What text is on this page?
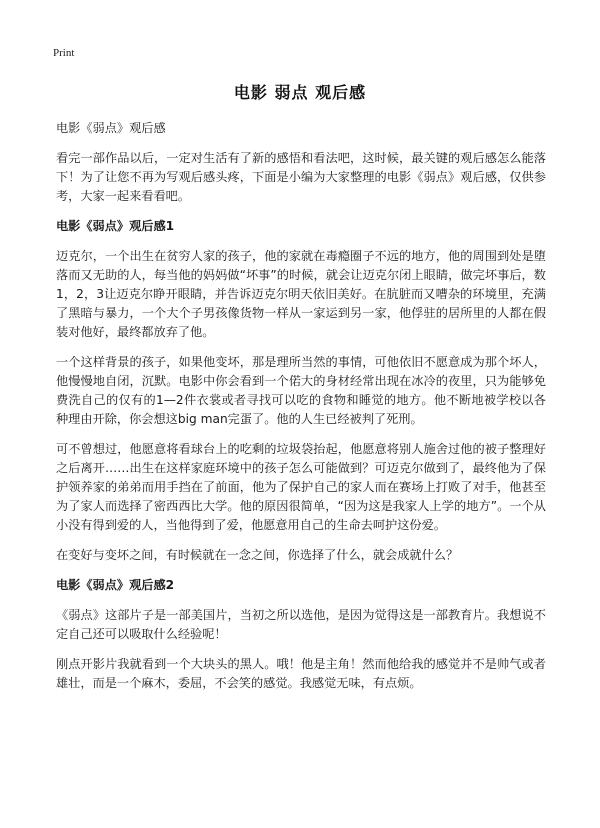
Print
电影 弱点 观后感

电影《弱点》观后感

看完一部作品以后，一定对生活有了新的感悟和看法吧，这时候，最关键的观后感怎么能落下！为了让您不再为写观后感头疼，下面是小编为大家整理的电影《弱点》观后感，仅供参考，大家一起来看看吧。

电影《弱点》观后感1

迈克尔，一个出生在贫穷人家的孩子，他的家就在毒瘾圈子不远的地方，他的周围到处是堕落而又无助的人，每当他的妈妈做“坏事”的时候，就会让迈克尔闭上眼睛，做完坏事后，数1，2，3让迈克尔睁开眼睛，并告诉迈克尔明天依旧美好。在肮脏而又嘈杂的环境里，充满了黑暗与暴力，一个大个子男孩像货物一样从一家运到另一家，他俘驻的居所里的人都在假装对他好，最终都放弃了他。

一个这样背景的孩子，如果他变坏，那是理所当然的事情，可他依旧不愿意成为那个坏人，他慢慢地自闭，沉默。电影中你会看到一个偌大的身材经常出现在冰冷的夜里，只为能够免费洗自己的仅有的1—2件衣裳或者寻找可以吃的食物和睡觉的地方。他不断地被学校以各种理由开除，你会想这big man完蛋了。他的人生已经被判了死刑。

可不曾想过，他愿意将看球台上的吃剩的垃圾袋抬起，他愿意将别人施舍过他的被子整理好之后离开……出生在这样家庭环境中的孩子怎么可能做到？可迈克尔做到了，最终他为了保护领养家的弟弟而用手挡在了前面，他为了保护自己的家人而在赛场上打败了对手，他甚至为了家人而选择了密西西比大学。他的原因很简单，“因为这是我家人上学的地方”。一个从小没有得到爱的人，当他得到了爱，他愿意用自己的生命去呵护这份爱。

在变好与变坏之间，有时候就在一念之间，你选择了什么，就会成就什么？

电影《弱点》观后感2

《弱点》这部片子是一部美国片，当初之所以选他，是因为觉得这是一部教育片。我想说不定自己还可以吸取什么经验呢！

刚点开影片我就看到一个大块头的黑人。哦！他是主角！然而他给我的感觉并不是帅气或者雄壮，而是一个麻木，委屈，不会笑的感觉。我感觉无味，有点烦。
